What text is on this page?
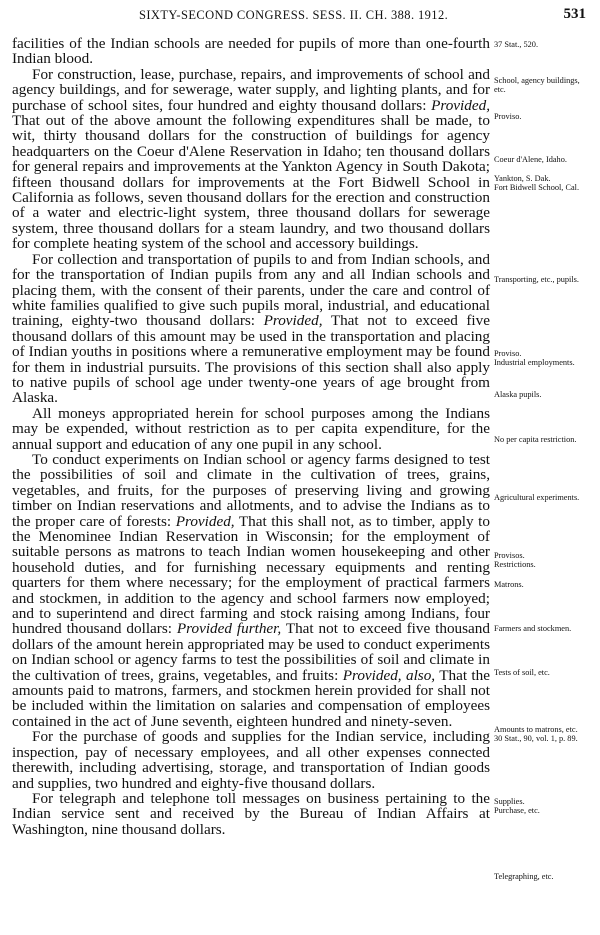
SIXTY-SECOND CONGRESS. SESS. II. CH. 388. 1912.	531

facilities of the Indian schools are needed for pupils of more than one-fourth Indian blood.

For construction, lease, purchase, repairs, and improvements of school and agency buildings, and for sewerage, water supply, and lighting plants, and for purchase of school sites, four hundred and eighty thousand dollars: Provided, That out of the above amount the following expenditures shall be made, to wit, thirty thousand dollars for the construction of buildings for agency headquarters on the Coeur d'Alene Reservation in Idaho; ten thousand dollars for general repairs and improvements at the Yankton Agency in South Dakota; fifteen thousand dollars for improvements at the Fort Bidwell School in California as follows, seven thousand dollars for the erection and construction of a water and electric-light system, three thousand dollars for sewerage system, three thousand dollars for a steam laundry, and two thousand dollars for complete heating system of the school and accessory buildings.

For collection and transportation of pupils to and from Indian schools, and for the transportation of Indian pupils from any and all Indian schools and placing them, with the consent of their parents, under the care and control of white families qualified to give such pupils moral, industrial, and educational training, eighty-two thousand dollars: Provided, That not to exceed five thousand dollars of this amount may be used in the transportation and placing of Indian youths in positions where a remunerative employment may be found for them in industrial pursuits. The provisions of this section shall also apply to native pupils of school age under twenty-one years of age brought from Alaska.

All moneys appropriated herein for school purposes among the Indians may be expended, without restriction as to per capita expenditure, for the annual support and education of any one pupil in any school.

To conduct experiments on Indian school or agency farms designed to test the possibilities of soil and climate in the cultivation of trees, grains, vegetables, and fruits, for the purposes of preserving living and growing timber on Indian reservations and allotments, and to advise the Indians as to the proper care of forests: Provided, That this shall not, as to timber, apply to the Menominee Indian Reservation in Wisconsin; for the employment of suitable persons as matrons to teach Indian women housekeeping and other household duties, and for furnishing necessary equipments and renting quarters for them where necessary; for the employment of practical farmers and stockmen, in addition to the agency and school farmers now employed; and to superintend and direct farming and stock raising among Indians, four hundred thousand dollars: Provided further, That not to exceed five thousand dollars of the amount herein appropriated may be used to conduct experiments on Indian school or agency farms to test the possibilities of soil and climate in the cultivation of trees, grains, vegetables, and fruits: Provided, also, That the amounts paid to matrons, farmers, and stockmen herein provided for shall not be included within the limitation on salaries and compensation of employees contained in the act of June seventh, eighteen hundred and ninety-seven.

For the purchase of goods and supplies for the Indian service, including inspection, pay of necessary employees, and all other expenses connected therewith, including advertising, storage, and transportation of Indian goods and supplies, two hundred and eighty-five thousand dollars.

For telegraph and telephone toll messages on business pertaining to the Indian service sent and received by the Bureau of Indian Affairs at Washington, nine thousand dollars.

37 Stat., 520.
School, agency buildings, etc.
Proviso.
Coeur d'Alene, Idaho.
Yankton, S. Dak.
Fort Bidwell School, Cal.
Transporting, etc., pupils.
Proviso.
Industrial employments.
Alaska pupils.
No per capita restriction.
Agricultural experiments.
Provisos.
Restrictions.
Matrons.
Farmers and stockmen.
Tests of soil, etc.
Amounts to matrons, etc.
30 Stat., 90, vol. 1, p. 89.
Supplies.
Purchase, etc.
Telegraphing, etc.
